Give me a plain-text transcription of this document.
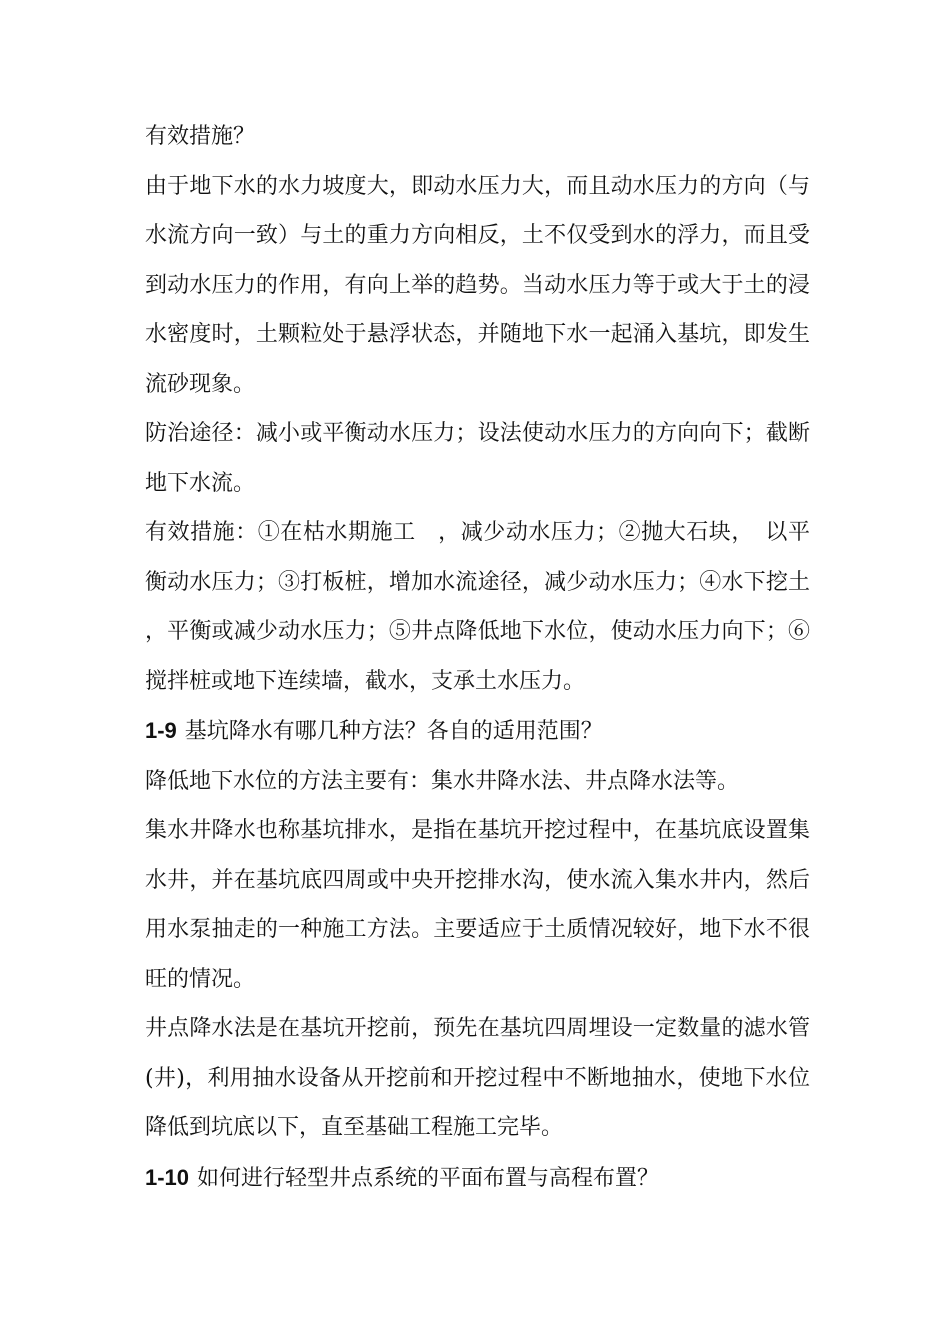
有效措施？

由于地下水的水力坡度大，即动水压力大，而且动水压力的方向（与水流方向一致）与土的重力方向相反，土不仅受到水的浮力，而且受到动水压力的作用，有向上举的趋势。当动水压力等于或大于土的浸水密度时，土颗粒处于悬浮状态，并随地下水一起涌入基坑，即发生流砂现象。

防治途径：减小或平衡动水压力；设法使动水压力的方向向下；截断地下水流。

有效措施：①在枯水期施工　，减少动水压力；②抛大石块，　以平衡动水压力；③打板桩，增加水流途径，减少动水压力；④水下挖土 ，平衡或减少动水压力；⑤井点降低地下水位，使动水压力向下；⑥搅拌桩或地下连续墙，截水，支承土水压力。

1-9 基坑降水有哪几种方法？各自的适用范围？

降低地下水位的方法主要有：集水井降水法、井点降水法等。

集水井降水也称基坑排水，是指在基坑开挖过程中，在基坑底设置集水井，并在基坑底四周或中央开挖排水沟，使水流入集水井内，然后用水泵抽走的一种施工方法。主要适应于土质情况较好，地下水不很旺的情况。

井点降水法是在基坑开挖前，预先在基坑四周埋设一定数量的滤水管(井)，利用抽水设备从开挖前和开挖过程中不断地抽水，使地下水位降低到坑底以下，直至基础工程施工完毕。

1-10 如何进行轻型井点系统的平面布置与高程布置？
